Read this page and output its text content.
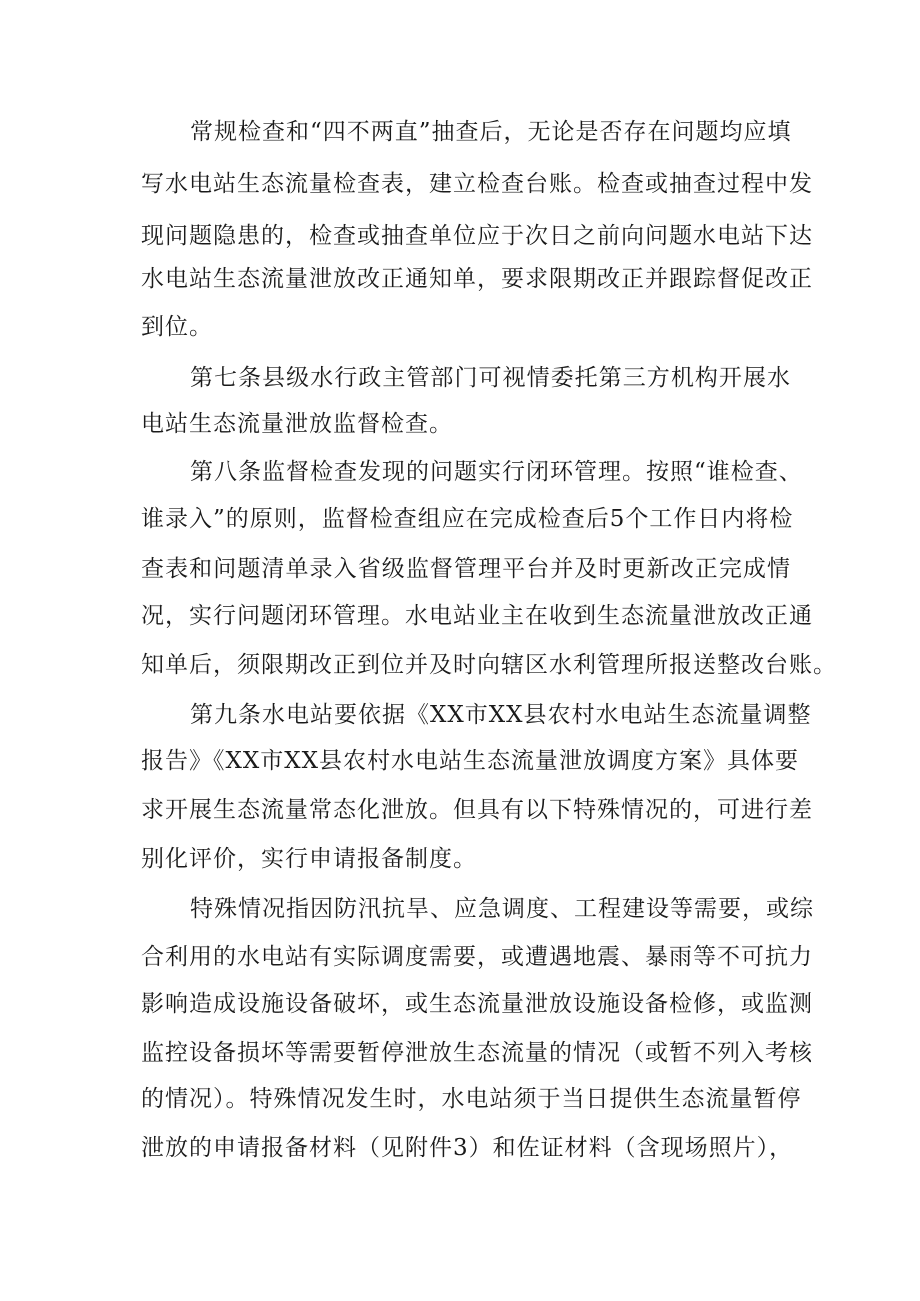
常规检查和“四不两直”抽查后，无论是否存在问题均应填
写水电站生态流量检查表，建立检查台账。检查或抽查过程中发
现问题隐患的，检查或抽查单位应于次日之前向问题水电站下达
水电站生态流量泄放改正通知单，要求限期改正并跟踪督促改正
到位。
第七条县级水行政主管部门可视情委托第三方机构开展水
电站生态流量泄放监督检查。
第八条监督检查发现的问题实行闭环管理。按照“谁检查、
谁录入”的原则，监督检查组应在完成检查后5个工作日内将检
查表和问题清单录入省级监督管理平台并及时更新改正完成情
况，实行问题闭环管理。水电站业主在收到生态流量泄放改正通
知单后，须限期改正到位并及时向辖区水利管理所报送整改台账。
第九条水电站要依据《XX市XX县农村水电站生态流量调整
报告》《XX市XX县农村水电站生态流量泄放调度方案》具体要
求开展生态流量常态化泄放。但具有以下特殊情况的，可进行差
别化评价，实行申请报备制度。
特殊情况指因防汛抗旱、应急调度、工程建设等需要，或综
合利用的水电站有实际调度需要，或遭遇地震、暴雨等不可抗力
影响造成设施设备破坏，或生态流量泄放设施设备检修，或监测
监控设备损坏等需要暂停泄放生态流量的情况（或暂不列入考核
的情况）。特殊情况发生时，水电站须于当日提供生态流量暂停
泄放的申请报备材料（见附件3）和佐证材料（含现场照片），
